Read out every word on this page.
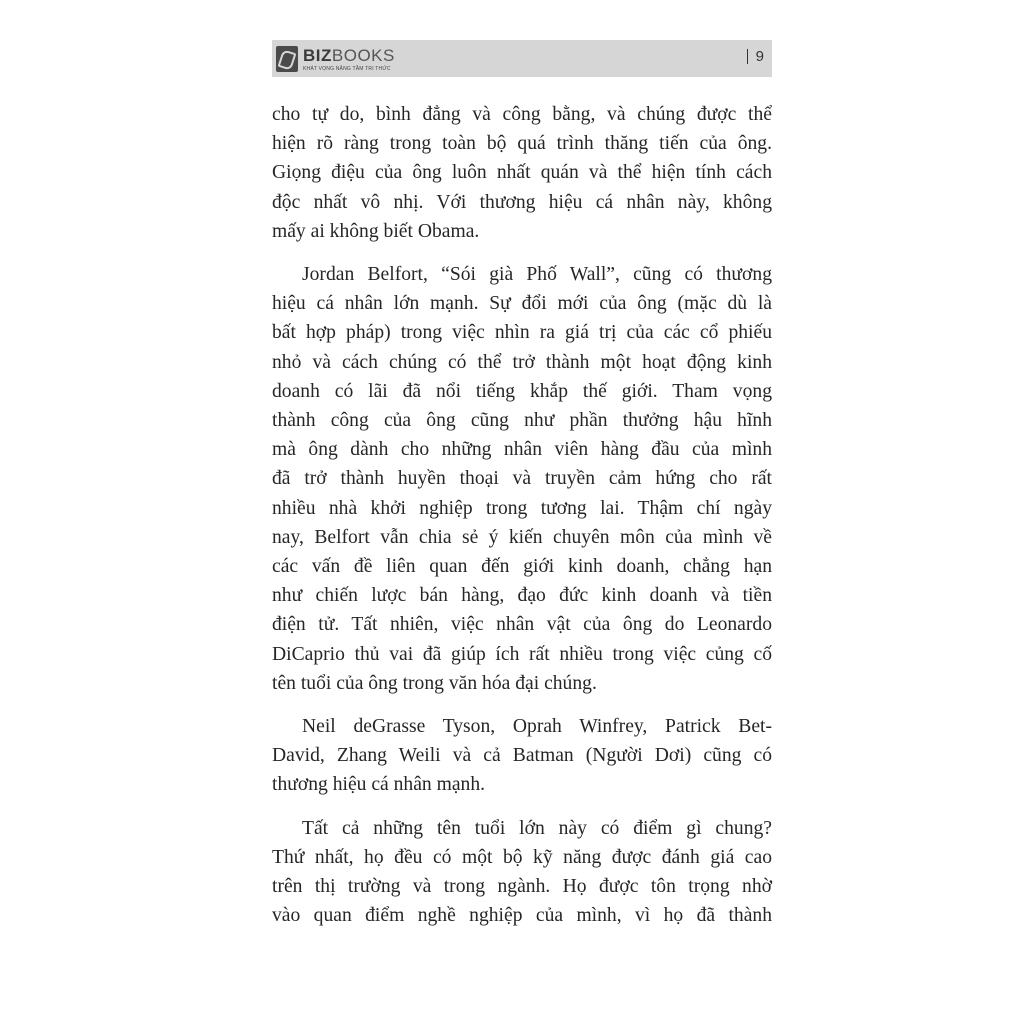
BIZBOOKS
KHÁT VỌNG NÂNG TẦM TRI THỨC
9
cho tự do, bình đẳng và công bằng, và chúng được thể
hiện rõ ràng trong toàn bộ quá trình thăng tiến của ông.
Giọng điệu của ông luôn nhất quán và thể hiện tính cách
độc nhất vô nhị. Với thương hiệu cá nhân này, không
mấy ai không biết Obama.
Jordan Belfort, “Sói già Phố Wall”, cũng có thương
hiệu cá nhân lớn mạnh. Sự đổi mới của ông (mặc dù là
bất hợp pháp) trong việc nhìn ra giá trị của các cổ phiếu
nhỏ và cách chúng có thể trở thành một hoạt động kinh
doanh có lãi đã nổi tiếng khắp thế giới. Tham vọng
thành công của ông cũng như phần thưởng hậu hĩnh
mà ông dành cho những nhân viên hàng đầu của mình
đã trở thành huyền thoại và truyền cảm hứng cho rất
nhiều nhà khởi nghiệp trong tương lai. Thậm chí ngày
nay, Belfort vẫn chia sẻ ý kiến chuyên môn của mình về
các vấn đề liên quan đến giới kinh doanh, chẳng hạn
như chiến lược bán hàng, đạo đức kinh doanh và tiền
điện tử. Tất nhiên, việc nhân vật của ông do Leonardo
DiCaprio thủ vai đã giúp ích rất nhiều trong việc củng cố
tên tuổi của ông trong văn hóa đại chúng.
Neil deGrasse Tyson, Oprah Winfrey, Patrick Bet-
David, Zhang Weili và cả Batman (Người Dơi) cũng có
thương hiệu cá nhân mạnh.
Tất cả những tên tuổi lớn này có điểm gì chung?
Thứ nhất, họ đều có một bộ kỹ năng được đánh giá cao
trên thị trường và trong ngành. Họ được tôn trọng nhờ
vào quan điểm nghề nghiệp của mình, vì họ đã thành
